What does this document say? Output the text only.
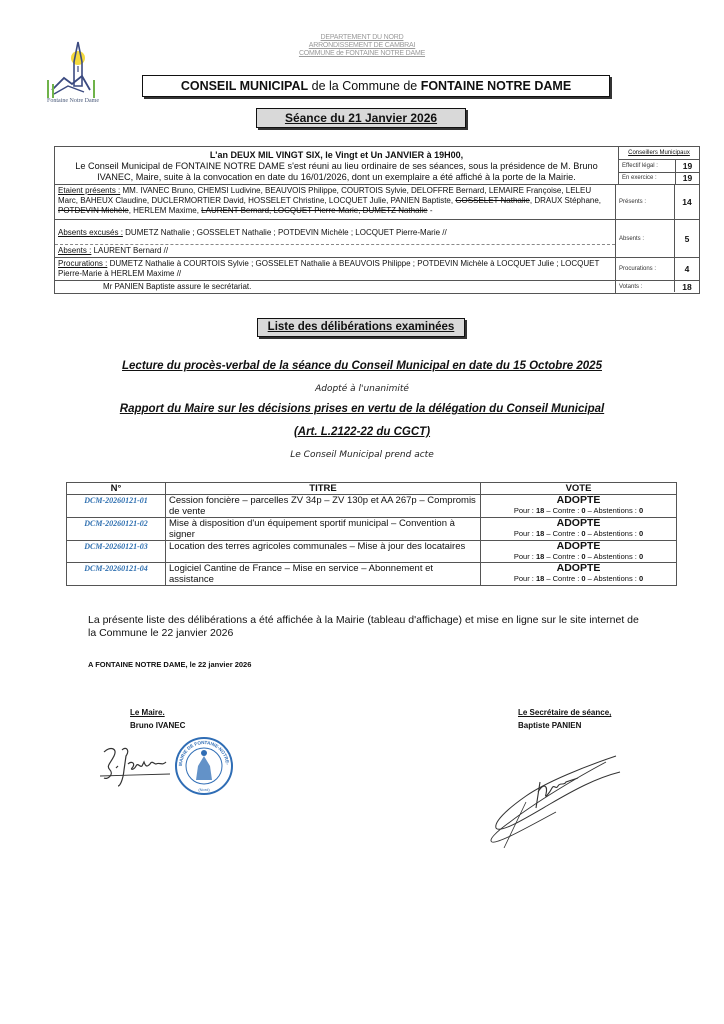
DEPARTEMENT DU NORD
ARRONDISSEMENT DE CAMBRAI
COMMUNE de FONTAINE NOTRE DAME
Fontaine Notre Dame
CONSEIL MUNICIPAL de la Commune de FONTAINE NOTRE DAME
Séance du 21 Janvier 2026
L'an DEUX MIL VINGT SIX, le Vingt et Un JANVIER à 19H00,
Le Conseil Municipal de FONTAINE NOTRE DAME s'est réuni au lieu ordinaire de ses séances, sous la présidence de M. Bruno IVANEC, Maire, suite à la convocation en date du 16/01/2026, dont un exemplaire a été affiché à la porte de la Mairie.
Conseillers Municipaux
Effectif légal :	19
En exercice :	19
Etaient présents : MM. IVANEC Bruno, CHEMSI Ludivine, BEAUVOIS Philippe, COURTOIS Sylvie, DELOFFRE Bernard, LEMAIRE Françoise, LELEU Marc, BAHEUX Claudine, DUCLERMORTIER David, HOSSELET Christine, LOCQUET Julie, PANIEN Baptiste, GOSSELET Nathalie, DRAUX Stéphane, POTDEVIN Michèle, HERLEM Maxime, LAURENT Bernard, LOCQUET Pierre-Marie, DUMETZ Nathalie -
Présents :	14
Absents excusés : DUMETZ Nathalie ; GOSSELET Nathalie ; POTDEVIN Michèle ; LOCQUET Pierre-Marie //
Absents : LAURENT Bernard //
Absents :	5
Procurations : DUMETZ Nathalie à COURTOIS Sylvie ; GOSSELET Nathalie à BEAUVOIS Philippe ; POTDEVIN Michèle à LOCQUET Julie ; LOCQUET Pierre-Marie à HERLEM Maxime //	Procurations :	4
Mr PANIEN Baptiste assure le secrétariat.	Votants :	18
Liste des délibérations examinées
Lecture du procès-verbal de la séance du Conseil Municipal en date du 15 Octobre 2025
Adopté à l'unanimité
Rapport du Maire sur les décisions prises en vertu de la délégation du Conseil Municipal
(Art. L.2122-22 du CGCT)
Le Conseil Municipal prend acte
N°	TITRE	VOTE
DCM-20260121-01	Cession foncière – parcelles ZV 34p – ZV 130p et AA 267p – Compromis de vente	ADOPTE
Pour : 18 – Contre : 0 – Abstentions : 0

DCM-20260121-02	Mise à disposition d'un équipement sportif municipal – Convention à signer	ADOPTE
Pour : 18 – Contre : 0 – Abstentions : 0

DCM-20260121-03	Location des terres agricoles communales – Mise à jour des locataires	ADOPTE
Pour : 18 – Contre : 0 – Abstentions : 0

DCM-20260121-04	Logiciel Cantine de France – Mise en service – Abonnement et assistance	ADOPTE
Pour : 18 – Contre : 0 – Abstentions : 0
La présente liste des délibérations a été affichée à la Mairie (tableau d'affichage) et mise en ligne sur le site internet de la Commune le 22 janvier 2026
A FONTAINE NOTRE DAME, le 22 janvier 2026
Le Maire.
Bruno IVANEC
MAIRIE DE FONTAINE-NOTRE-
(Nord)
Le Secrétaire de séance,
Baptiste PANIEN
